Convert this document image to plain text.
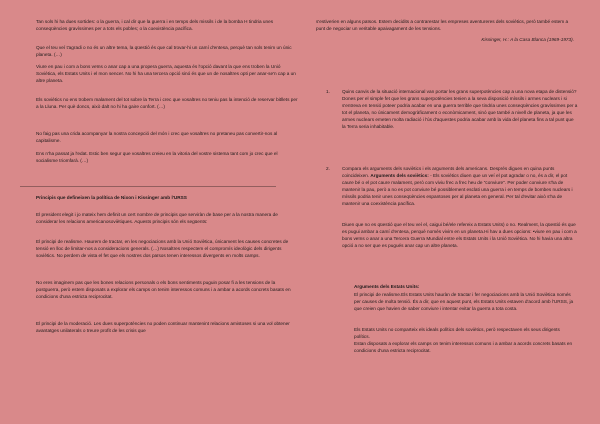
Tan sols hi ha dues sortides: o la guerra, i cal dir que la guerra i en temps dels missils i de la bomba H tindria unes conseqüències gravíssimes per a tots els pobles; o la coexistència pacífica.

Que el teu veí t'agradi o no és un altre tema, la qüestió és que cal trovar-hi un camí d'entesa, perquè tan sols tenim un únic planeta. (…)

Viure en pau i com a bons veïns o anar cap a una propera guerra, aquesta és l'opció davant la que ens troben la Unió Soviètica, els Estats Units i el mon sencer. No hi ha una tercera opció sinó és que un de nosaltres opti per anar-se'n cap a un altre planeta.

Els soviètics no ens trobem malament del tot sobre la Terra i crec que vosaltres no teniu pas la intenció de reservar bitllets per a la Lluna. Per què doncs, això dalt no hi ha gaire confort. (…)

No faig pas una crida acompanyar la nostra concepció del món i crec que vosaltres no pretaneu pas convertir-nos al capitalisme.

Ens n'ha passat ja l'edat. Estic ben segur que vosaltres creieu en la vitoria del vostre sistema tant com jo crec que el socialisme triomfarà. (…)

Principis que defineixen la política de Nixon i Kissinger amb l'URSS

El president elegit i jo mateix hem definit un cert nombre de principis que serviràn de base per a la nostra manera de considerar les relacions americanosoviètiques. Aquests principis són els següents:

El principi de realisme. Haurem de tractar, en les negociacions amb la Unió Soviètica, únicament les causes concretes de tensió en lloc de limitar-nos a consideracions generals. (…) Nosaltres respectem el compromís ideològic dels dirigents soviètics. No perdem de vista el fet que els nostres dos països tenen interessos divergents en molts camps.

No eres imaginem pas que les bones relacions personals o els bons sentiments puguin posar fi a les tensions de la postguerra, però estem disposats a explorar els camps on tenim interessos comuns i a ambar a acords concrets basats en condicions d'una estricta reciprocitat.

El principi de la moderació. Les dues superpotències no poden continuar mantenint relacions amistoses si una vol obtener avantatges unilaterals o treure profit de les crisis que

s'estiverien en alguns països. Estem decidits a contrarestar les empreses aventureres dels soviètics, però també estem a punt de negociar un veritable apaivagament de les tensions.

Kissinger, H.: A la Casa Blanca (1969-1973).

1.	Quins canvis de la situació internacional van portar les grans superpotències cap a una nova etapa de distensió? Dones per el simple fet que les grans superpotències tenien a la seva disposició míssils i armes nuclears i si s'entreva en tensió poteer podria acabar en una guerra terrible que tindria unes conseqüències gravíssimes per a tot el planeta, no únicament demogràficament o econòmicament, sinó que també a nivell de planeta, ja que les armes nuclears emeten molta radiació i l'ús d'aquestes podria acabar amb la vida del planeta fins a tal punt que la Terra seria inhabitable.

2.	Compara els arguments dels soviètics i els arguments dels americans. Després digues en quina punts coincideixen. Arguments dels soviètics: - Els soviètics diuen que un veí el pot agradar o no, és a dir, el pot caure bé o el pot caure malament, però com viviu frec a frec heu de "conviure". Per poder conviure s'ha de mantenir la pau, però a no es pot conviure bé possiblement esclati una guerra i en temps de bombes nuclears i míssils podria tenir unes conseqüències espantoses per al planeta en general. Per tal d'evitar això s'ha de mantenir una coexistència pacífica.

Diuen que no es qüestió que el teu veí el, caigui bé/ele refereix a Estats Units) o no. Realment, la qüestió és que es pugui ambar a camí d'entesa, perquè només vivim en un planeta.Hi hav a dues opcions: •viure en pau i com a bons veïns o anar a una Tercera Guerra Mundial entre els Estats Units i la Unió Soviètica. No hi havia una altra opció a no ser que es pugués anar cap un altre planeta.

Arguments dels Estats Units:

El principi de realisme.Els Estats Units hauràn de tractar i fer negociacions amb la Unió Soviètica només per causes de molta tensió. És a dir, que en aquest punt, els Estats Units estaven d'acord amb l'URSS, ja que creien que havien de saber conviure i intentar evitar la guerra a tota costa.

Els Estats Units no comparteix els ideals polítics dels soviètics, però respectaven els seus dirigents polítics.

Estan disposats a explorar els camps on tenim interessos comuns i a ambar a acords concrets basats en condicions d'una estricta reciprocitat.
